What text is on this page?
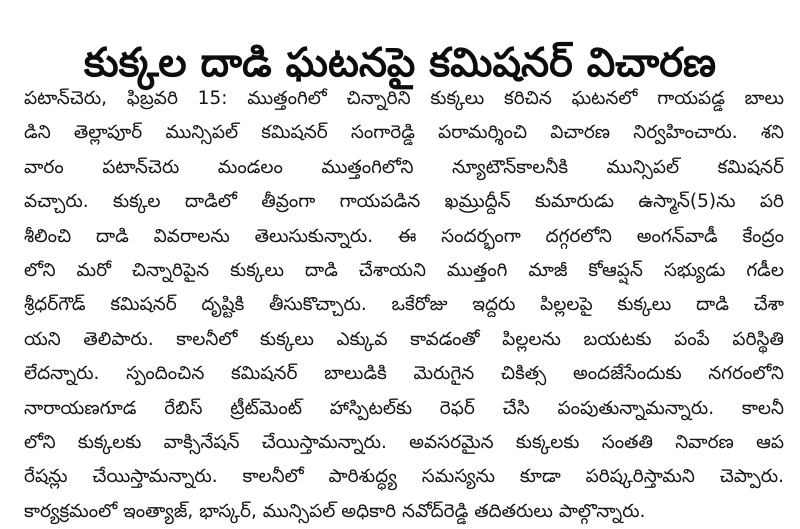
కుక్కల దాడి ఘటనపై కమిషనర్ విచారణ
పటాన్‌చెరు, ఫిబ్రవరి 15: ముత్తంగిలో చిన్నారిని కుక్కలు కరిచిన ఘటనలో గాయపడ్డ బాలు
డిని తెల్లాపూర్ మున్సిపల్ కమిషనర్ సంగారెడ్డి పరామర్శించి విచారణ నిర్వహించారు. శని
వారం పటాన్‌చెరు మండలం ముత్తంగిలోని న్యూటౌన్‌కాలనీకి మున్సిపల్ కమిషనర్
వచ్చారు. కుక్కల దాడిలో తీవ్రంగా గాయపడిన ఖమ్రుద్దీన్ కుమారుడు ఉస్మాన్(5)ను పరి
శీలించి దాడి వివరాలను తెలుసుకున్నారు. ఈ సందర్భంగా దగ్గరలోని అంగన్‌వాడీ కేంద్రం
లోని మరో చిన్నారిపైన కుక్కలు దాడి చేశాయని ముత్తంగి మాజీ కోఆప్షన్ సభ్యుడు గడీల
శ్రీధర్‌గౌడ్ కమిషనర్ దృష్టికి తీసుకొచ్చారు. ఒకేరోజు ఇద్దరు పిల్లలపై కుక్కలు దాడి చేశా
యని తెలిపారు. కాలనీలో కుక్కలు ఎక్కువ కావడంతో పిల్లలను బయటకు పంపే పరిస్థితి
లేదన్నారు. స్పందించిన కమిషనర్ బాలుడికి మెరుగైన చికిత్స అందజేసేందుకు నగరంలోని
నారాయణగూడ రేబిస్ ట్రీట్‌మెంట్ హాస్పిటల్‌కు రెఫర్ చేసి పంపుతున్నామన్నారు. కాలనీ
లోని కుక్కలకు వాక్సినేషన్ చేయిస్తామన్నారు. అవసరమైన కుక్కలకు సంతతి నివారణ ఆప
రేషన్లు చేయిస్తామన్నారు. కాలనీలో పారిశుద్ధ్య సమస్యను కూడా పరిష్కరిస్తామని చెప్పారు.
కార్యక్రమంలో ఇంత్యాజ్, భాస్కర్, మున్సిపల్ అధికారి నవోద్‌రెడ్డి తదితరులు పాల్గొన్నారు.
